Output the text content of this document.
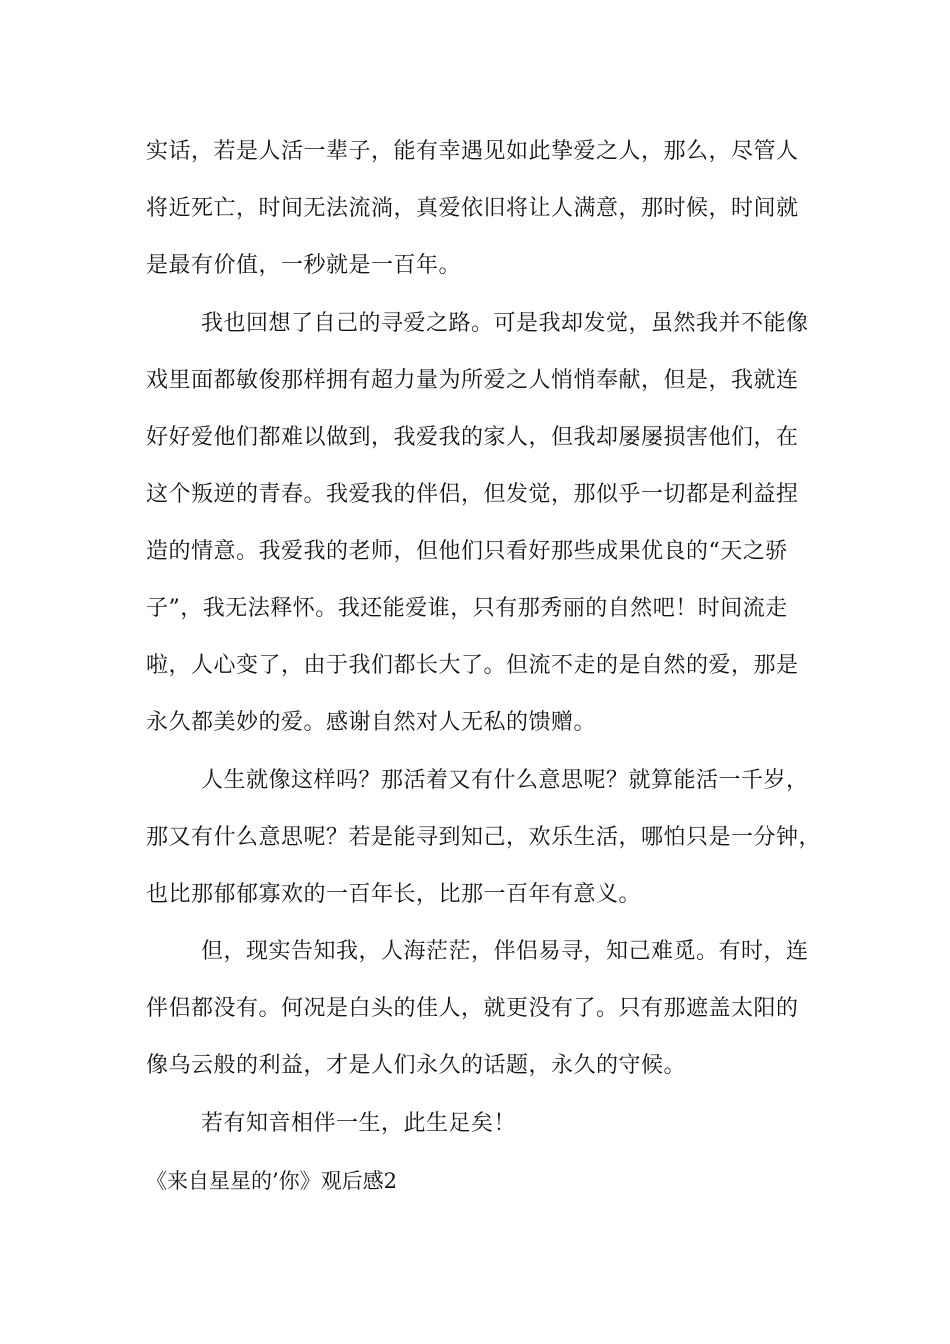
实话，若是人活一辈子，能有幸遇见如此挚爱之人，那么，尽管人
将近死亡，时间无法流淌，真爱依旧将让人满意，那时候，时间就
是最有价值，一秒就是一百年。
我也回想了自己的寻爱之路。可是我却发觉，虽然我并不能像
戏里面都敏俊那样拥有超力量为所爱之人悄悄奉献，但是，我就连
好好爱他们都难以做到，我爱我的家人，但我却屡屡损害他们，在
这个叛逆的青春。我爱我的伴侣，但发觉，那似乎一切都是利益捏
造的情意。我爱我的老师，但他们只看好那些成果优良的“天之骄
子”，我无法释怀。我还能爱谁，只有那秀丽的自然吧！时间流走
啦，人心变了，由于我们都长大了。但流不走的是自然的爱，那是
永久都美妙的爱。感谢自然对人无私的馈赠。
人生就像这样吗？那活着又有什么意思呢？就算能活一千岁，
那又有什么意思呢？若是能寻到知己，欢乐生活，哪怕只是一分钟，
也比那郁郁寡欢的一百年长，比那一百年有意义。
但，现实告知我，人海茫茫，伴侣易寻，知己难觅。有时，连
伴侣都没有。何况是白头的佳人，就更没有了。只有那遮盖太阳的
像乌云般的利益，才是人们永久的话题，永久的守候。
若有知音相伴一生，此生足矣！
《来自星星的’你》观后感2
